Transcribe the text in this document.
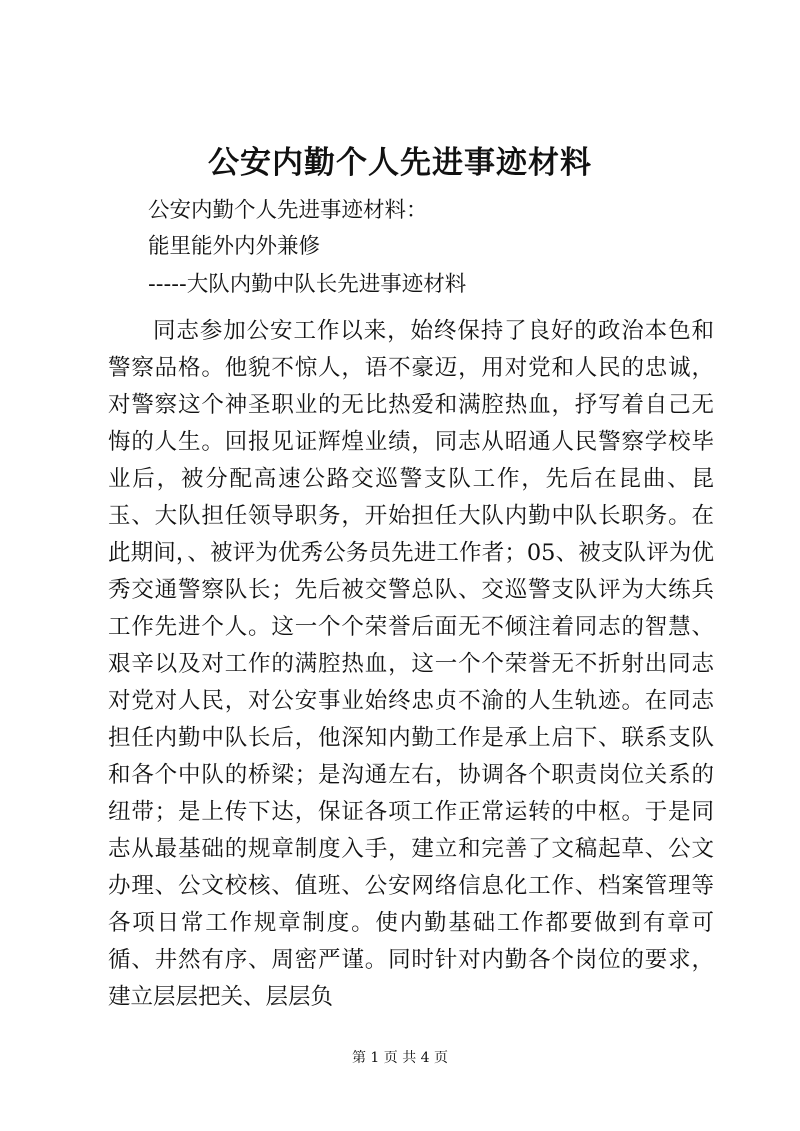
公安内勤个人先进事迹材料
公安内勤个人先进事迹材料：
能里能外内外兼修
-----大队内勤中队长先进事迹材料

同志参加公安工作以来，始终保持了良好的政治本色和警察品格。他貌不惊人，语不豪迈，用对党和人民的忠诚，对警察这个神圣职业的无比热爱和满腔热血，抒写着自己无悔的人生。回报见证辉煌业绩，同志从昭通人民警察学校毕业后，被分配高速公路交巡警支队工作，先后在昆曲、昆玉、大队担任领导职务，开始担任大队内勤中队长职务。在此期间，、被评为优秀公务员先进工作者；05、被支队评为优秀交通警察队长；先后被交警总队、交巡警支队评为大练兵工作先进个人。这一个个荣誉后面无不倾注着同志的智慧、艰辛以及对工作的满腔热血，这一个个荣誉无不折射出同志对党对人民，对公安事业始终忠贞不渝的人生轨迹。在同志担任内勤中队长后，他深知内勤工作是承上启下、联系支队和各个中队的桥梁；是沟通左右，协调各个职责岗位关系的纽带；是上传下达，保证各项工作正常运转的中枢。于是同志从最基础的规章制度入手，建立和完善了文稿起草、公文办理、公文校核、值班、公安网络信息化工作、档案管理等各项日常工作规章制度。使内勤基础工作都要做到有章可循、井然有序、周密严谨。同时针对内勤各个岗位的要求，建立层层把关、层层负

第 1 页 共 4 页
